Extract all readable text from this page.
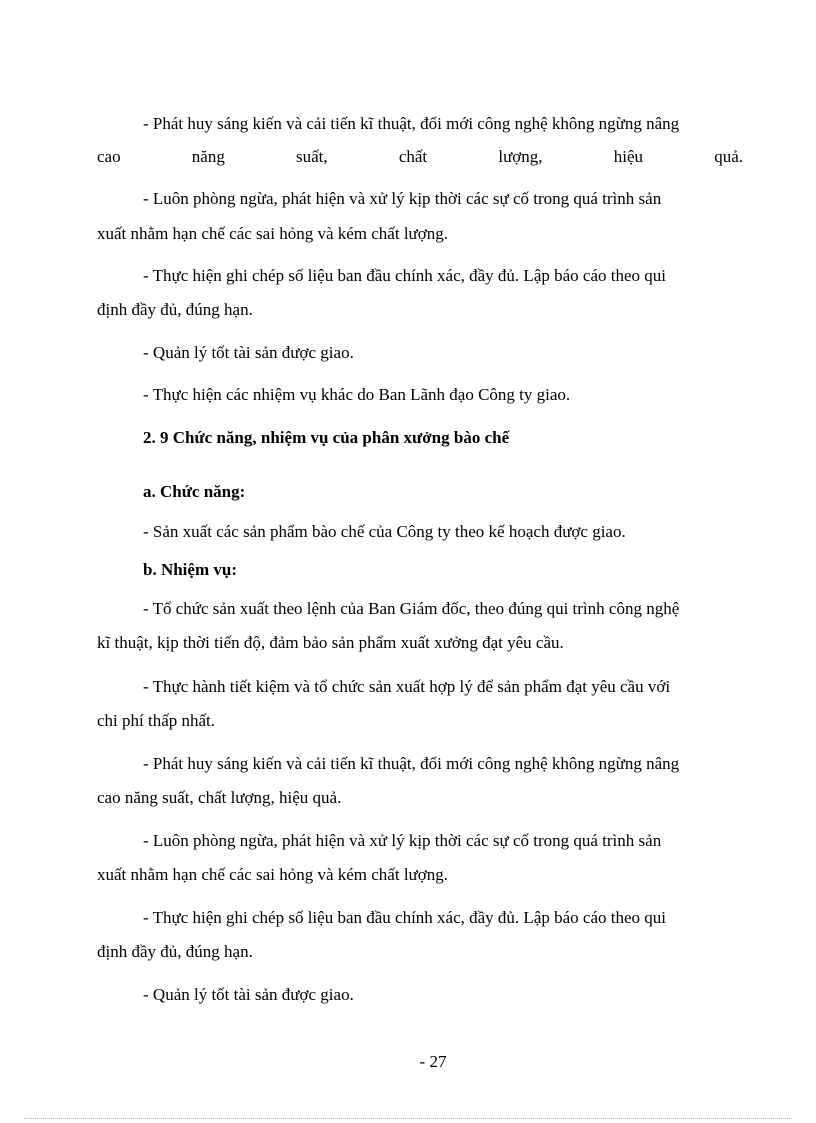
- Phát huy sáng kiến và cải tiến kĩ thuật, đổi mới công nghệ không ngừng nâng

cao	năng	suất,	chất	lượng,	hiệu	quả.

- Luôn phòng ngừa, phát hiện và xử lý kịp thời các sự cố trong quá trình sản

xuất nhằm hạn chế các sai hỏng và kém chất lượng.

- Thực hiện ghi chép số liệu ban đầu chính xác, đầy đủ. Lập báo cáo theo qui

định đầy đủ, đúng hạn.

- Quản lý tốt tài sản được giao.

- Thực hiện các nhiệm vụ khác do Ban Lãnh đạo Công ty giao.

2. 9 Chức năng, nhiệm vụ của phân xưởng bào chế

a. Chức năng:

- Sản xuất các sản phẩm bào chế của Công ty theo kế hoạch được giao.

b. Nhiệm vụ:

- Tổ chức sản xuất theo lệnh của Ban Giám đốc, theo đúng qui trình công nghệ

kĩ thuật, kịp thời tiến độ, đảm bảo sản phẩm xuất xưởng đạt yêu cầu.

- Thực hành tiết kiệm và tổ chức sản xuất hợp lý để sản phẩm đạt yêu cầu với

chi phí thấp nhất.

- Phát huy sáng kiến và cải tiến kĩ thuật, đổi mới công nghệ không ngừng nâng

cao năng suất, chất lượng, hiệu quả.

- Luôn phòng ngừa, phát hiện và xử lý kịp thời các sự cố trong quá trình sản

xuất nhằm hạn chế các sai hỏng và kém chất lượng.

- Thực hiện ghi chép số liệu ban đầu chính xác, đầy đủ. Lập báo cáo theo qui

định đầy đủ, đúng hạn.

- Quản lý tốt tài sản được giao.

- 27
